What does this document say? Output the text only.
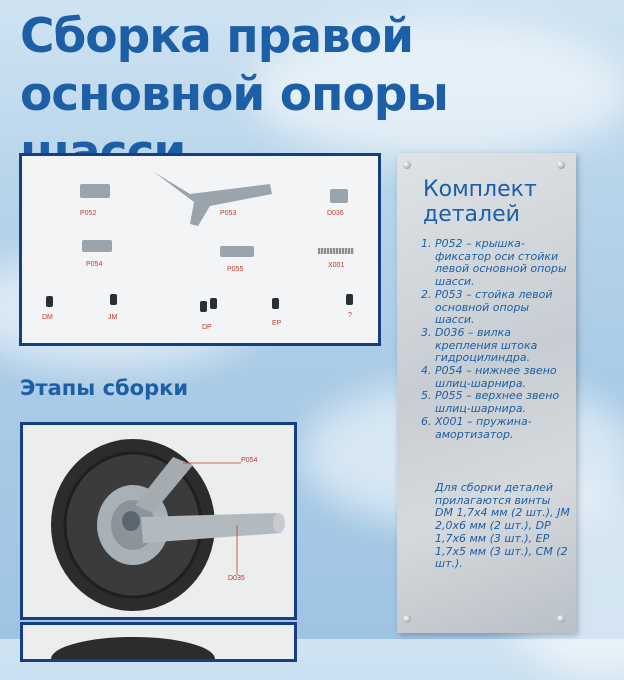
Сборка правой основной опоры
P052	P053	D036
P054
P055
X001
DM	JM
DP
EP
?
Этапы сборки
P054
D035
Комплект деталей
1. P052 – крышка-фиксатор оси стойки левой основной опоры шасси.
2. P053 – стойка левой основной опоры шасси.
3. D036 – вилка крепления штока гидроцилиндра.
4. P054 – нижнее звено шлиц-шарнира.
5. P055 – верхнее звено шлиц-шарнира.
6. X001 – пружина-амортизатор.
Для сборки деталей прилагаются винты DM 1,7x4 мм (2 шт.), JM 2,0x6 мм (2 шт.), DP 1,7x6 мм (3 шт.), EP 1,7x5 мм (3 шт.), CM (2 шт.).
